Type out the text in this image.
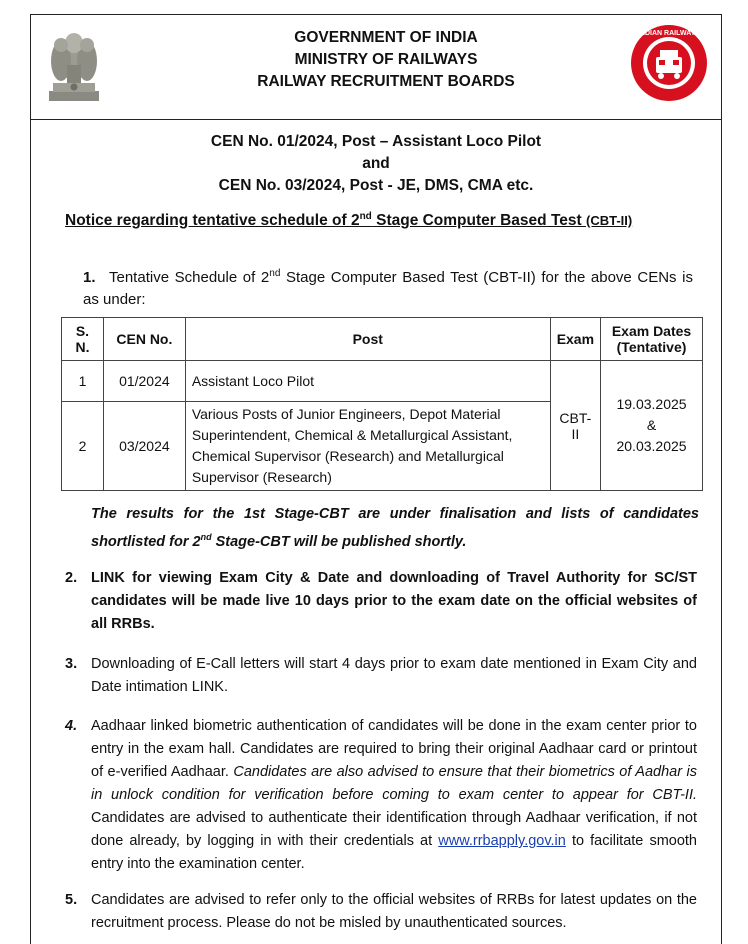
GOVERNMENT OF INDIA
MINISTRY OF RAILWAYS
RAILWAY RECRUITMENT BOARDS
INDIAN RAILWAYS
CEN No. 01/2024, Post – Assistant Loco Pilot
and
CEN No. 03/2024, Post - JE, DMS, CMA etc.
Notice regarding tentative schedule of 2nd Stage Computer Based Test (CBT-II)
1. Tentative Schedule of 2nd Stage Computer Based Test (CBT-II) for the above CENs is as under:
S. N.	CEN No.	Post	Exam	Exam Dates (Tentative)
1	01/2024	Assistant Loco Pilot	CBT-II	19.03.2025
&
20.03.2025

2	03/2024	Various Posts of Junior Engineers, Depot Material Superintendent, Chemical & Metallurgical Assistant, Chemical Supervisor (Research) and Metallurgical Supervisor (Research)		
The results for the 1st Stage-CBT are under finalisation and lists of candidates shortlisted for 2nd Stage-CBT will be published shortly.
2. LINK for viewing Exam City & Date and downloading of Travel Authority for SC/ST candidates will be made live 10 days prior to the exam date on the official websites of all RRBs.
3. Downloading of E-Call letters will start 4 days prior to exam date mentioned in Exam City and Date intimation LINK.
4. Aadhaar linked biometric authentication of candidates will be done in the exam center prior to entry in the exam hall. Candidates are required to bring their original Aadhaar card or printout of e-verified Aadhaar. Candidates are also advised to ensure that their biometrics of Aadhar is in unlock condition for verification before coming to exam center to appear for CBT-II. Candidates are advised to authenticate their identification through Aadhaar verification, if not done already, by logging in with their credentials at www.rrbapply.gov.in to facilitate smooth entry into the examination center.
5. Candidates are advised to refer only to the official websites of RRBs for latest updates on the recruitment process. Please do not be misled by unauthenticated sources.
